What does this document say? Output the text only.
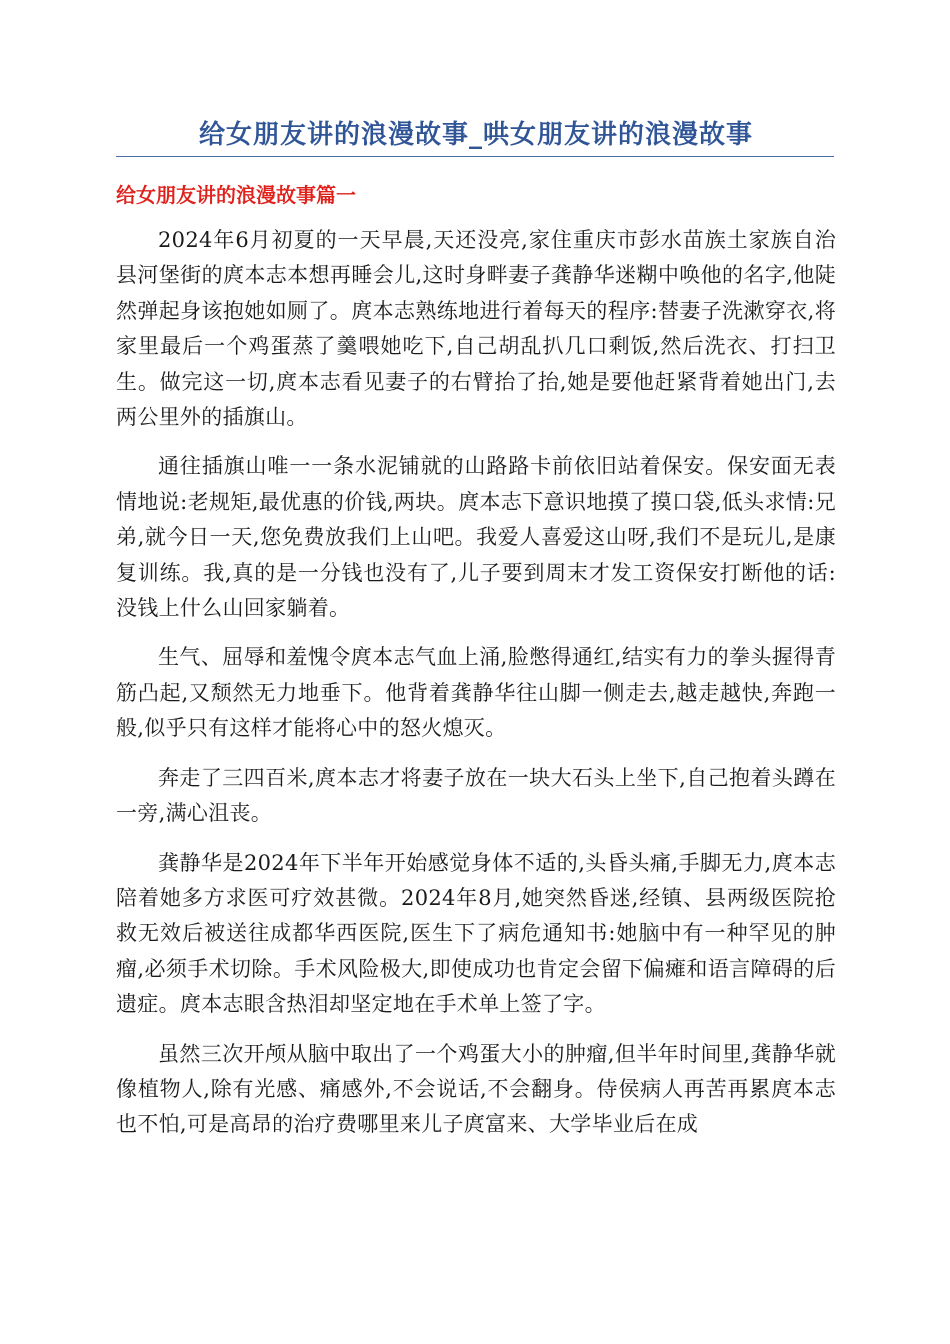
给女朋友讲的浪漫故事_哄女朋友讲的浪漫故事
给女朋友讲的浪漫故事篇一

2024年6月初夏的一天早晨,天还没亮,家住重庆市彭水苗族土家族自治县河堡街的庹本志本想再睡会儿,这时身畔妻子龚静华迷糊中唤他的名字,他陡然弹起身该抱她如厕了。庹本志熟练地进行着每天的程序:替妻子洗漱穿衣,将家里最后一个鸡蛋蒸了羹喂她吃下,自己胡乱扒几口剩饭,然后洗衣、打扫卫生。做完这一切,庹本志看见妻子的右臂抬了抬,她是要他赶紧背着她出门,去两公里外的插旗山。

通往插旗山唯一一条水泥铺就的山路路卡前依旧站着保安。保安面无表情地说:老规矩,最优惠的价钱,两块。庹本志下意识地摸了摸口袋,低头求情:兄弟,就今日一天,您免费放我们上山吧。我爱人喜爱这山呀,我们不是玩儿,是康复训练。我,真的是一分钱也没有了,儿子要到周末才发工资保安打断他的话:没钱上什么山回家躺着。

生气、屈辱和羞愧令庹本志气血上涌,脸憋得通红,结实有力的拳头握得青筋凸起,又颓然无力地垂下。他背着龚静华往山脚一侧走去,越走越快,奔跑一般,似乎只有这样才能将心中的怒火熄灭。

奔走了三四百米,庹本志才将妻子放在一块大石头上坐下,自己抱着头蹲在一旁,满心沮丧。

龚静华是2024年下半年开始感觉身体不适的,头昏头痛,手脚无力,庹本志陪着她多方求医可疗效甚微。2024年8月,她突然昏迷,经镇、县两级医院抢救无效后被送往成都华西医院,医生下了病危通知书:她脑中有一种罕见的肿瘤,必须手术切除。手术风险极大,即使成功也肯定会留下偏瘫和语言障碍的后遗症。庹本志眼含热泪却坚定地在手术单上签了字。

虽然三次开颅从脑中取出了一个鸡蛋大小的肿瘤,但半年时间里,龚静华就像植物人,除有光感、痛感外,不会说话,不会翻身。侍侯病人再苦再累庹本志也不怕,可是高昂的治疗费哪里来儿子庹富来、大学毕业后在成
